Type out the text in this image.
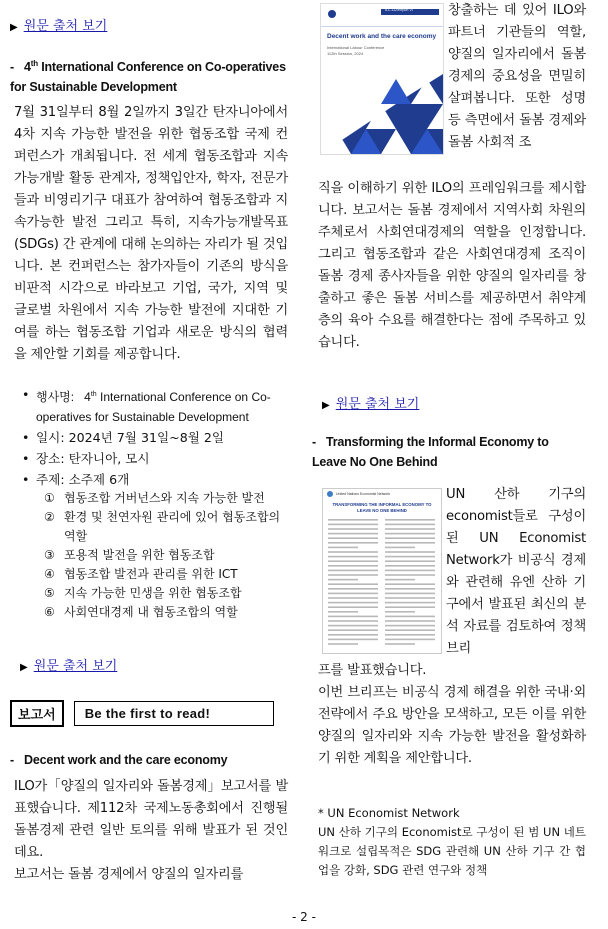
▶ 원문 출처 보기
- 4th International Conference on Co-operatives for Sustainable Development
7월 31일부터 8월 2일까지 3일간 탄자니아에서 4차 지속 가능한 발전을 위한 협동조합 국제 컨퍼런스가 개최됩니다. 전 세계 협동조합과 지속가능개발 활동 관계자, 정책입안자, 학자, 전문가들과 비영리기구 대표가 참여하여 협동조합과 지속가능한 발전 그리고 특히, 지속가능개발목표(SDGs) 간 관계에 대해 논의하는 자리가 될 것입니다. 본 컨퍼런스는 참가자들이 기존의 방식을 비판적 시각으로 바라보고 기업, 국가, 지역 및 글로벌 차원에서 지속 가능한 발전에 지대한 기여를 하는 협동조합 기업과 새로운 방식의 협력을 제안할 기회를 제공합니다.
• 행사명: 4th International Conference on Co-operatives for Sustainable Development
• 일시: 2024년 7월 31일~8월 2일
• 장소: 탄자니아, 모시
• 주제: 소주제 6개
① 협동조합 거버넌스와 지속 가능한 발전
② 환경 및 천연자원 관리에 있어 협동조합의 역할
③ 포용적 발전을 위한 협동조합
④ 협동조합 발전과 관리를 위한 ICT
⑤ 지속 가능한 민생을 위한 협동조합
⑥ 사회연대경제 내 협동조합의 역할
▶ 원문 출처 보기
보고서	Be the first to read!
- Decent work and the care economy
ILO가「양질의 일자리와 돌봄경제」보고서를 발표했습니다. 제112차 국제노동총회에서 진행될 돌봄경제 관련 일반 토의를 위해 발표가 된 것인데요.
보고서는 돌봄 경제에서 양질의 일자리를
Decent work and the care economy
International Labour Conference
112th Session, 2024
ILC.112/Report VI	창출하는 데 있어 ILO와 파트너 기관들의 역할, 양질의 일자리에서 돌봄 경제의 중요성을 면밀히 살펴봅니다. 또한 성명 등 측면에서 돌봄 경제와 돌봄 사회적 조
직을 이해하기 위한 ILO의 프레임워크를 제시합니다. 보고서는 돌봄 경제에서 지역사회 차원의 주체로서 사회연대경제의 역할을 인정합니다. 그리고 협동조합과 같은 사회연대경제 조직이 돌봄 경제 종사자들을 위한 양질의 일자리를 창출하고 좋은 돌봄 서비스를 제공하면서 취약계층의 육아 수요를 해결한다는 점에 주목하고 있습니다.
▶ 원문 출처 보기
- Transforming the Informal Economy to Leave No One Behind
United Nations Economist Network
TRANSFORMING THE INFORMAL ECONOMY TO LEAVE NO ONE BEHIND
UN 산하 기구의 economist들로 구성이 된 UN Economist Network가 비공식 경제와 관련해 유엔 산하 기구에서 발표된 최신의 분석 자료를 검토하여 정책 브리
프를 발표했습니다.
이번 브리프는 비공식 경제 해결을 위한 국내·외 전략에서 주요 방안을 모색하고, 모든 이를 위한 양질의 일자리와 지속 가능한 발전을 활성화하기 위한 계획을 제안합니다.
* UN Economist Network
UN 산하 기구의 Economist로 구성이 된 범 UN 네트워크로 설립목적은 SDG 관련해 UN 산하 기구 간 협업을 강화, SDG 관련 연구와 정책
- 2 -
